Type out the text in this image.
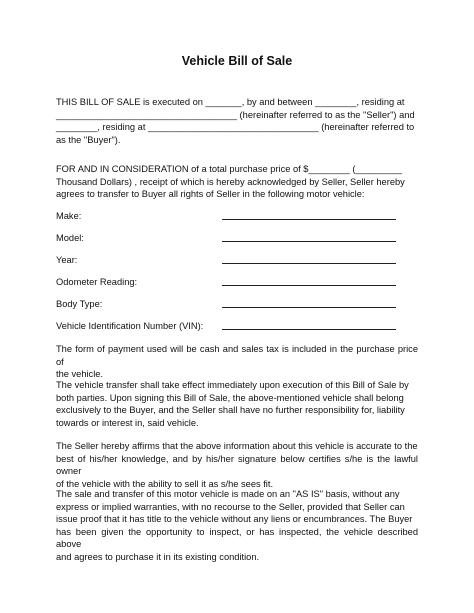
Vehicle Bill of Sale
THIS BILL OF SALE is executed on _______, by and between ________, residing at
___________________________________ (hereinafter referred to as the "Seller") and
________, residing at _________________________________ (hereinafter referred to
as the "Buyer").
FOR AND IN CONSIDERATION of a total purchase price of $________ (_________
Thousand Dollars) , receipt of which is hereby acknowledged by Seller, Seller hereby
agrees to transfer to Buyer all rights of Seller in the following motor vehicle:
Make:
Model:
Year:
Odometer Reading:
Body Type:
Vehicle Identification Number (VIN):
The form of payment used will be cash and sales tax is included in the purchase price of
the vehicle.
The vehicle transfer shall take effect immediately upon execution of this Bill of Sale by
both parties. Upon signing this Bill of Sale, the above-mentioned vehicle shall belong
exclusively to the Buyer, and the Seller shall have no further responsibility for, liability
towards or interest in, said vehicle.
The Seller hereby affirms that the above information about this vehicle is accurate to the
best of his/her knowledge, and by his/her signature below certifies s/he is the lawful owner
of the vehicle with the ability to sell it as s/he sees fit.
The sale and transfer of this motor vehicle is made on an "AS IS" basis, without any
express or implied warranties, with no recourse to the Seller, provided that Seller can
issue proof that it has title to the vehicle without any liens or encumbrances. The Buyer
has been given the opportunity to inspect, or has inspected, the vehicle described above
and agrees to purchase it in its existing condition.
